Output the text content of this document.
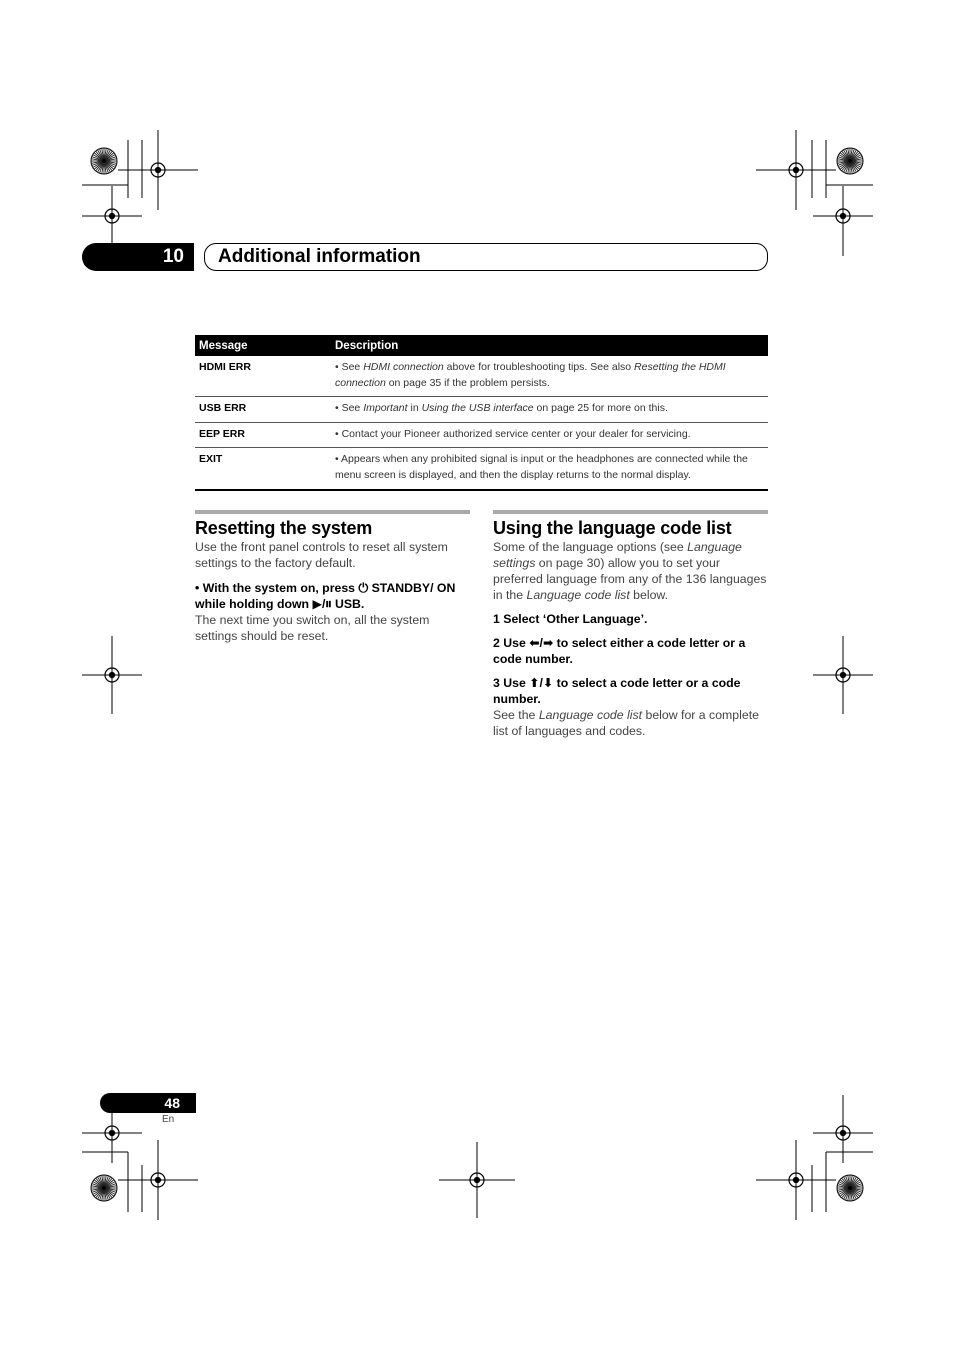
10	Additional information
Message	Description
HDMI ERR	• See HDMI connection above for troubleshooting tips. See also Resetting the HDMI connection on page 35 if the problem persists.
USB ERR	• See Important in Using the USB interface on page 25 for more on this.
EEP ERR	• Contact your Pioneer authorized service center or your dealer for servicing.
EXIT	• Appears when any prohibited signal is input or the headphones are connected while the menu screen is displayed, and then the display returns to the normal display.
Resetting the system

Use the front panel controls to reset all system settings to the factory default.

• With the system on, press ⏻ STANDBY/ ON while holding down ▶/⏸ USB.

The next time you switch on, all the system settings should be reset.

Using the language code list

Some of the language options (see Language settings on page 30) allow you to set your preferred language from any of the 136 languages in the Language code list below.

1 Select ‘Other Language’.

2 Use ⬅/➡ to select either a code letter or a code number.

3 Use ⬆/⬇ to select a code letter or a code number.

See the Language code list below for a complete list of languages and codes.

48
En
